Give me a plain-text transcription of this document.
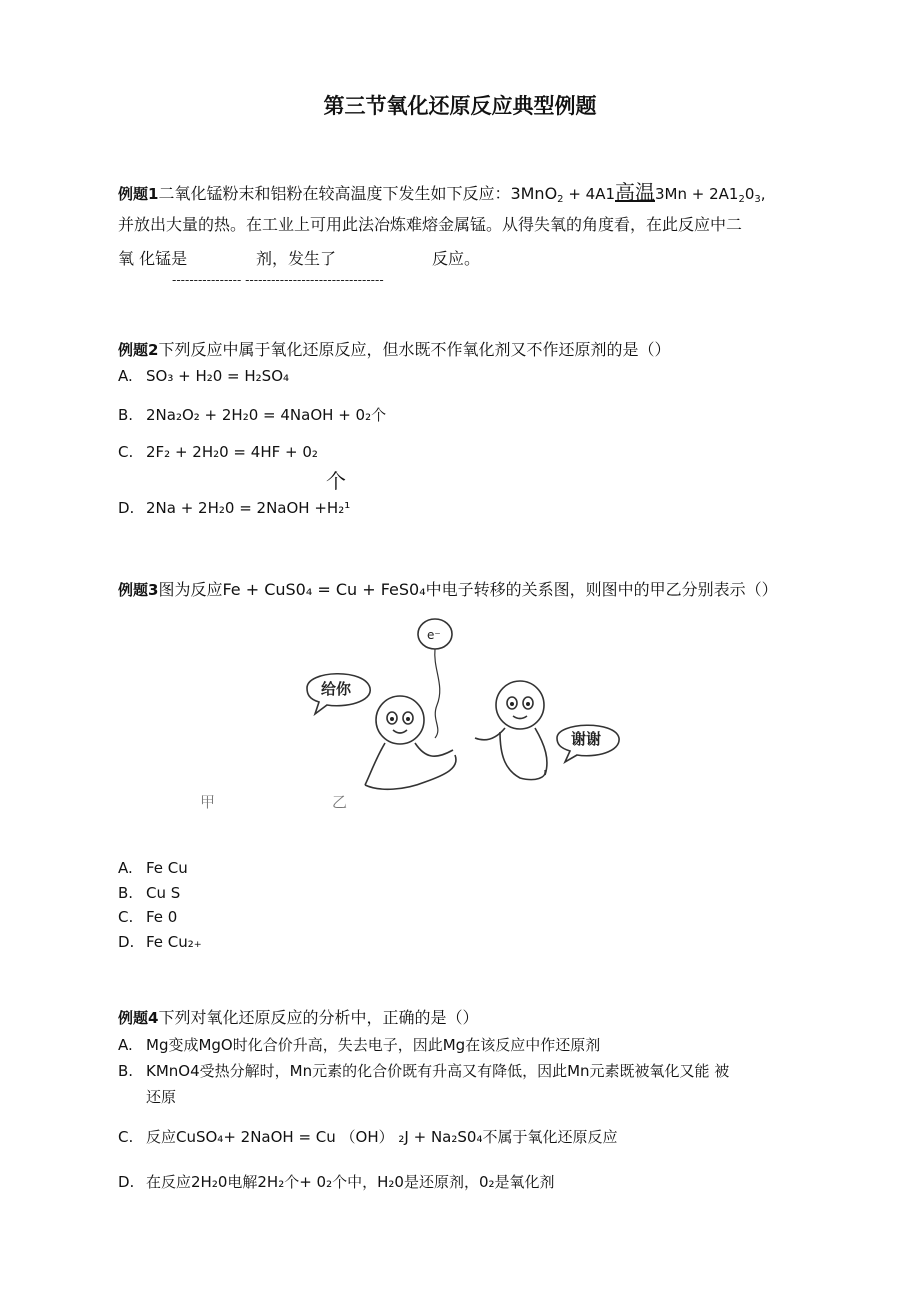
第三节氧化还原反应典型例题
例题1二氧化锰粉末和铝粉在较高温度下发生如下反应：3MnO$_2$ + 4A1高温$3Mn + 2A1_20_3$,
并放出大量的热。在工业上可用此法冶炼难熔金属锰。从得失氧的角度看，在此反应中二
氧 化锰是	剂，发生了	反应。
---------------- --------------------------------
例题2下列反应中属于氧化还原反应，但水既不作氧化剂又不作还原剂的是（）
A. SO₃ + H₂0 = H₂SO₄
B. 2Na₂O₂ + 2H₂0 = 4NaOH + 0₂个
C. 2F₂ + 2H₂0 = 4HF + 0₂
个
D. 2Na + 2H₂0 = 2NaOH +H₂¹
例题3图为反应Fe + CuS0₄ = Cu + FeS0₄中电子转移的关系图，则图中的甲乙分别表示（）
e⁻
给你
谢谢
甲	乙
A. Fe Cu
B. Cu S
C. Fe 0
D. Fe Cu₂₊
例题4下列对氧化还原反应的分析中，正确的是（）
A. Mg变成MgO时化合价升高，失去电子，因此Mg在该反应中作还原剂
B. KMnO4受热分解时，Mn元素的化合价既有升高又有降低，因此Mn元素既被氧化又能 被
还原
C. 反应CuSO₄+ 2NaOH = Cu （OH） ₂J + Na₂S0₄不属于氧化还原反应
D. 在反应2H₂0电解2H₂个+ 0₂个中，H₂0是还原剂，0₂是氧化剂
